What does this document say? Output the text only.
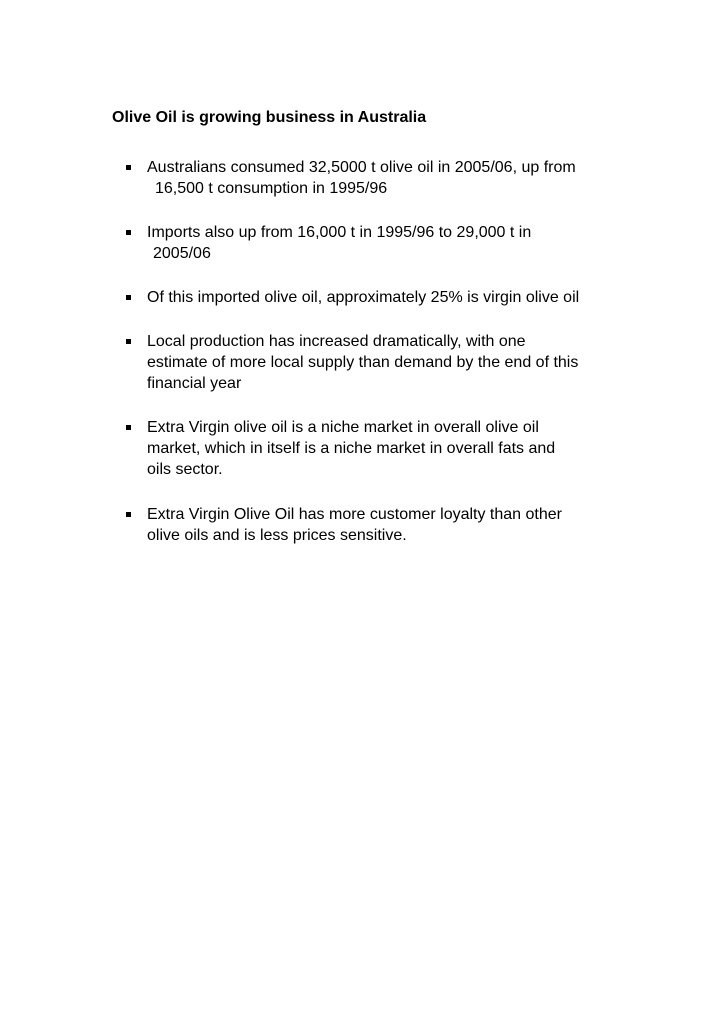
Olive Oil is growing business in Australia
Australians consumed 32,5000 t olive oil in 2005/06, up from
16,500 t consumption in 1995/96
Imports also up from 16,000 t in 1995/96 to 29,000 t in
2005/06
Of this imported olive oil, approximately 25% is virgin olive oil
Local production has increased dramatically, with one
estimate of more local supply than demand by the end of this
financial year
Extra Virgin olive oil is a niche market in overall olive oil
market, which in itself is a niche market in overall fats and
oils sector.
Extra Virgin Olive Oil has more customer loyalty than other
olive oils and is less prices sensitive.
